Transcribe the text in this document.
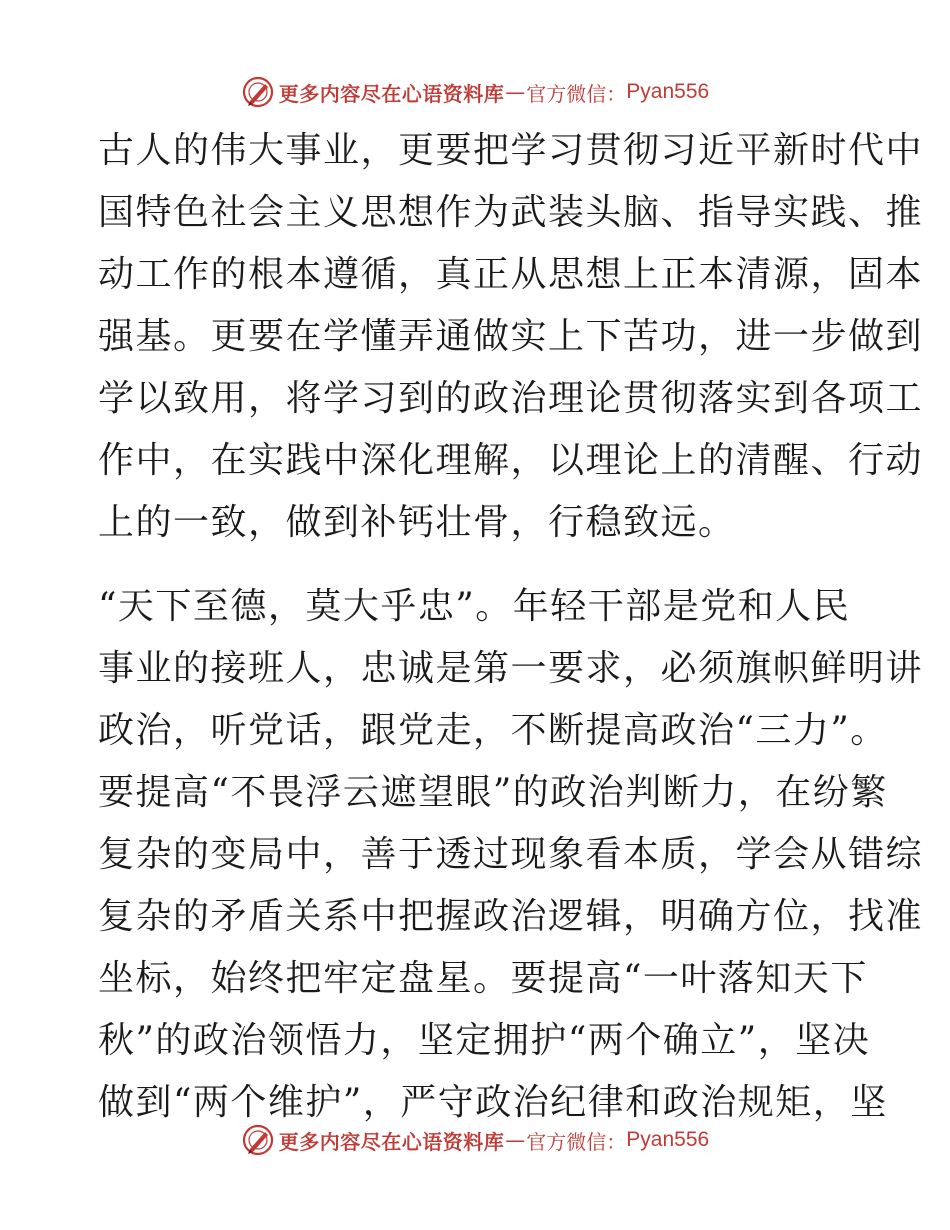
更多内容尽在心语资料库 — 官方微信： Pyan556
古人的伟大事业，更要把学习贯彻习近平新时代中
国特色社会主义思想作为武装头脑、指导实践、推
动工作的根本遵循，真正从思想上正本清源，固本
强基。更要在学懂弄通做实上下苦功，进一步做到
学以致用，将学习到的政治理论贯彻落实到各项工
作中，在实践中深化理解，以理论上的清醒、行动
上的一致，做到补钙壮骨，行稳致远。
“天下至德，莫大乎忠”。年轻干部是党和人民
事业的接班人，忠诚是第一要求，必须旗帜鲜明讲
政治，听党话，跟党走，不断提高政治“三力”。
要提高“不畏浮云遮望眼”的政治判断力，在纷繁
复杂的变局中，善于透过现象看本质，学会从错综
复杂的矛盾关系中把握政治逻辑，明确方位，找准
坐标，始终把牢定盘星。要提高“一叶落知天下
秋”的政治领悟力，坚定拥护“两个确立”，坚决
做到“两个维护”，严守政治纪律和政治规矩，坚
更多内容尽在心语资料库 — 官方微信： Pyan556
